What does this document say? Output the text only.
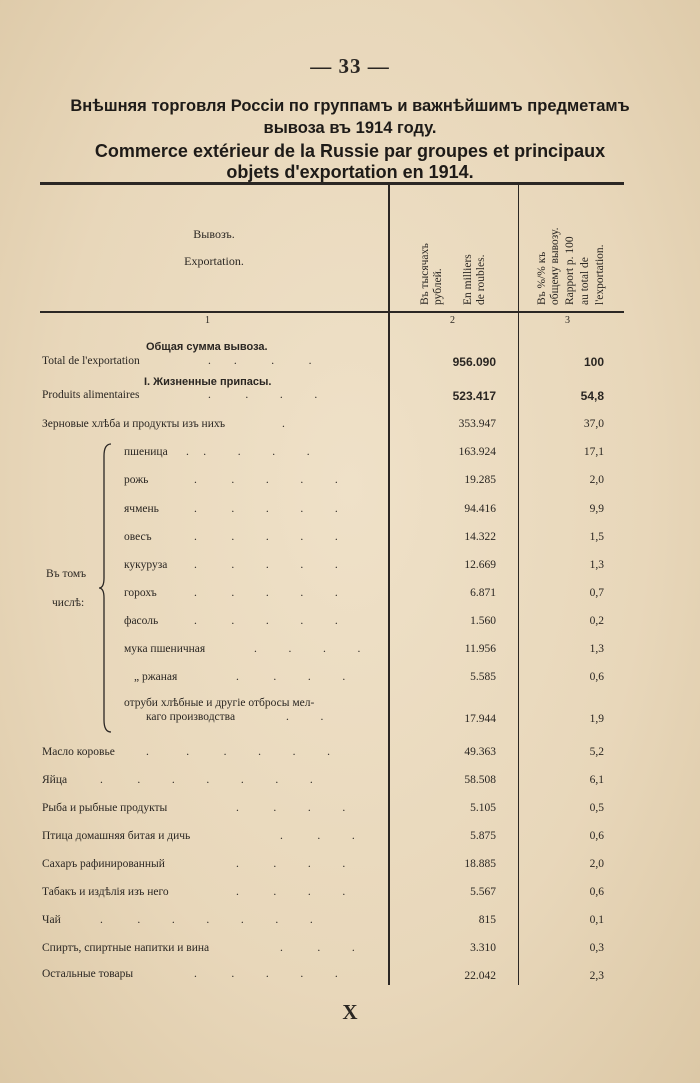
— 33 —
Внѣшняя торговля Россіи по группамъ и важнѣйшимъ предметамъ
вывоза въ 1914 году.
Commerce extérieur de la Russie par groupes et principaux
objets d'exportation en 1914.
Вывозъ.
Exportation.	Въ тысячахъ рублей. En milliers de roubles.	Въ %/% къ общему вывозу. Rapport p. 100 au total de l'exportation.
1	2	3
Общая сумма вывоза.
Total de l'exportation	.        .            .            .	956.090	100
I. Жизненные припасы.
Produits alimentaires	.            .           .           .	523.417	54,8
Зерновые хлѣба и продукты изъ нихъ	.	353.947	37,0
Въ томъ
числѣ:
пшеница .     .           .           .           .	163.924	17,1
рожь	.            .           .           .           .	19.285	2,0
ячмень	.            .           .           .           .	94.416	9,9
овесъ	.            .           .           .           .	14.322	1,5
кукуруза .            .           .           .           .	12.669	1,3
горохъ	.            .           .           .           .	6.871	0,7
фасоль	.            .           .           .           .	1.560	0,2
мука пшеничная	.           .           .           .	11.956	1,3
„ ржаная	.            .           .           .	5.585	0,6
отруби хлѣбные и другіе отбросы мел-
каго производства	.           .	17.944	1,9
Масло коровье	.             .            .           .           .           .	49.363	5,2
Яйца	.            .           .           .           .           .           .	58.508	6,1
Рыба и рыбные продукты	.            .           .           .	5.105	0,5
Птица домашняя битая и дичь	.            .           .	5.875	0,6
Сахаръ рафинированный	.            .           .           .	18.885	2,0
Табакъ и издѣлія изъ него	.            .           .           .	5.567	0,6
Чай	.            .           .           .           .           .           .	815	0,1
Спиртъ, спиртные напитки и вина	.            .           .	3.310	0,3
Остальные товары	.            .           .           .           .	22.042	2,3
X
